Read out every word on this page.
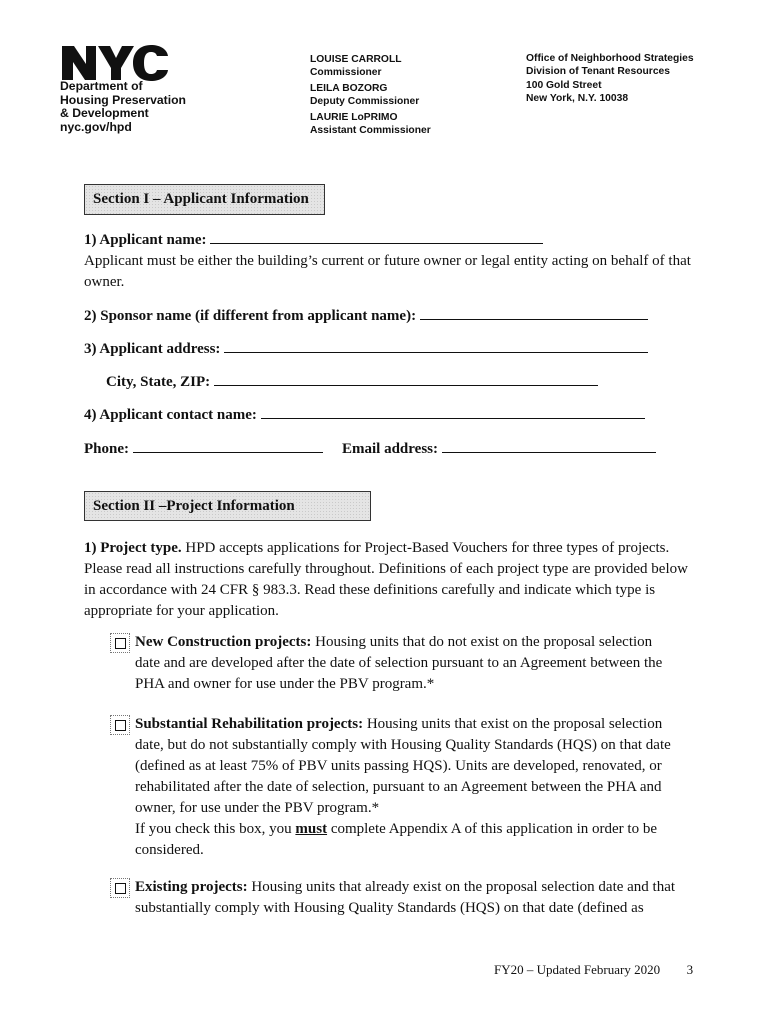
Department of
Housing Preservation
& Development
nyc.gov/hpd
LOUISE CARROLL
Commissioner
LEILA BOZORG
Deputy Commissioner
LAURIE LoPRIMO
Assistant Commissioner
Office of Neighborhood Strategies
Division of Tenant Resources
100 Gold Street
New York, N.Y. 10038
Section I – Applicant Information
1) Applicant name:
Applicant must be either the building’s current or future owner or legal entity acting on behalf of that owner.
2) Sponsor name (if different from applicant name):
3) Applicant address:
City, State, ZIP:
4) Applicant contact name:
Phone:	Email address:
Section II –Project Information
1) Project type. HPD accepts applications for Project-Based Vouchers for three types of projects. Please read all instructions carefully throughout. Definitions of each project type are provided below in accordance with 24 CFR § 983.3. Read these definitions carefully and indicate which type is appropriate for your application.
New Construction projects: Housing units that do not exist on the proposal selection date and are developed after the date of selection pursuant to an Agreement between the PHA and owner for use under the PBV program.*
Substantial Rehabilitation projects: Housing units that exist on the proposal selection date, but do not substantially comply with Housing Quality Standards (HQS) on that date (defined as at least 75% of PBV units passing HQS). Units are developed, renovated, or rehabilitated after the date of selection, pursuant to an Agreement between the PHA and owner, for use under the PBV program.*
If you check this box, you must complete Appendix A of this application in order to be considered.
Existing projects: Housing units that already exist on the proposal selection date and that substantially comply with Housing Quality Standards (HQS) on that date (defined as
FY20 – Updated February 2020 3
